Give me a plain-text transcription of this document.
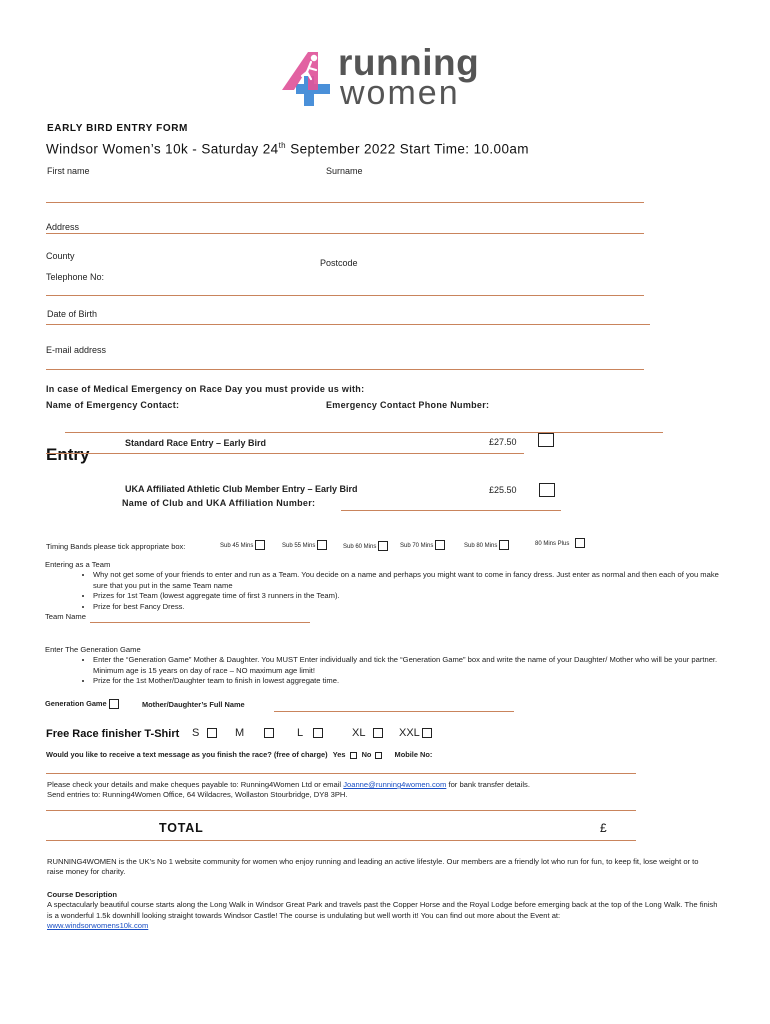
running
women
EARLY BIRD ENTRY FORM
Windsor Women’s 10k - Saturday 24th September 2022 Start Time: 10.00am
First name	Surname
Address
County
Postcode
Telephone No:
Date of Birth
E-mail address
In case of Medical Emergency on Race Day you must provide us with:
Name of Emergency Contact:	Emergency Contact Phone Number:
Entry
Standard Race Entry – Early Bird	£27.50
UKA Affiliated Athletic Club Member Entry – Early Bird	£25.50
Name of Club and UKA Affiliation Number:
Timing Bands please tick appropriate box:	Sub 45 Mins	Sub 55 Mins	Sub 60 Mins	Sub 70 Mins	Sub 80 Mins	80 Mins Plus
Entering as a Team
• Why not get some of your friends to enter and run as a Team. You decide on a name and perhaps you might want to come in fancy dress. Just enter as normal and then each of you make sure that you put in the same Team name
• Prizes for 1st Team (lowest aggregate time of first 3 runners in the Team).
• Prize for best Fancy Dress.
Team Name
Enter The Generation Game
• Enter the “Generation Game” Mother & Daughter. You MUST Enter individually and tick the “Generation Game” box and write the name of your Daughter/ Mother who will be your partner. Minimum age is 15 years on day of race – NO maximum age limit!
• Prize for the 1st Mother/Daughter team to finish in lowest aggregate time.
Generation Game	Mother/Daughter’s Full Name
Free Race finisher T-Shirt S	M	L	XL	XXL
Would you like to receive a text message as you finish the race? (free of charge) Yes No	Mobile No:
Please check your details and make cheques payable to: Running4Women Ltd or email Joanne@running4women.com for bank transfer details.
Send entries to: Running4Women Office, 64 Wildacres, Wollaston Stourbridge, DY8 3PH.
TOTAL	£
RUNNING4WOMEN is the UK’s No 1 website community for women who enjoy running and leading an active lifestyle. Our members are a friendly lot who run for fun, to keep fit, lose weight or to raise money for charity.
Course Description
A spectacularly beautiful course starts along the Long Walk in Windsor Great Park and travels past the Copper Horse and the Royal Lodge before emerging back at the top of the Long Walk. The finish is a wonderful 1.5k downhill looking straight towards Windsor Castle! The course is undulating but well worth it! You can find out more about the Event at:
www.windsorwomens10k.com
